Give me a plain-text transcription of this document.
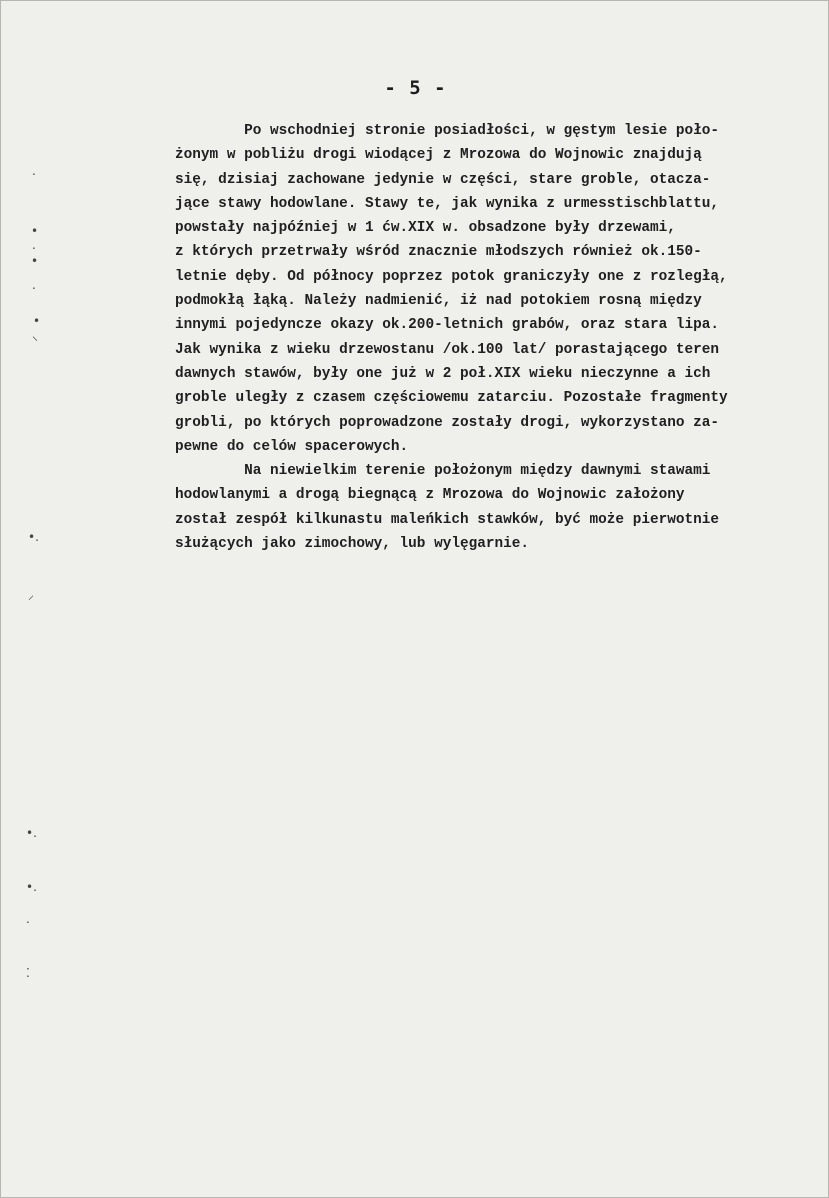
- 5 -
.
•
.
•
.
•
⸌
•.
⸝
•.
•.
.
⁚
Po wschodniej stronie posiadłości, w gęstym lesie poło-
żonym w pobliżu drogi wiodącej z Mrozowa do Wojnowic znajdują
się, dzisiaj zachowane jedynie w części, stare groble, otacza-
jące stawy hodowlane. Stawy te, jak wynika z urmesstischblattu,
powstały najpóźniej w 1 ćw.XIX w. obsadzone były drzewami,
z których przetrwały wśród znacznie młodszych również ok.150-
letnie dęby. Od północy poprzez potok graniczyły one z rozległą,
podmokłą łąką. Należy nadmienić, iż nad potokiem rosną między
innymi pojedyncze okazy ok.200-letnich grabów, oraz stara lipa.
Jak wynika z wieku drzewostanu /ok.100 lat/ porastającego teren
dawnych stawów, były one już w 2 poł.XIX wieku nieczynne a ich
groble uległy z czasem częściowemu zatarciu. Pozostałe fragmenty
grobli, po których poprowadzone zostały drogi, wykorzystano za-
pewne do celów spacerowych.
Na niewielkim terenie położonym między dawnymi stawami
hodowlanymi a drogą biegnącą z Mrozowa do Wojnowic założony
został zespół kilkunastu maleńkich stawków, być może pierwotnie
służących jako zimochowy, lub wylęgarnie.
